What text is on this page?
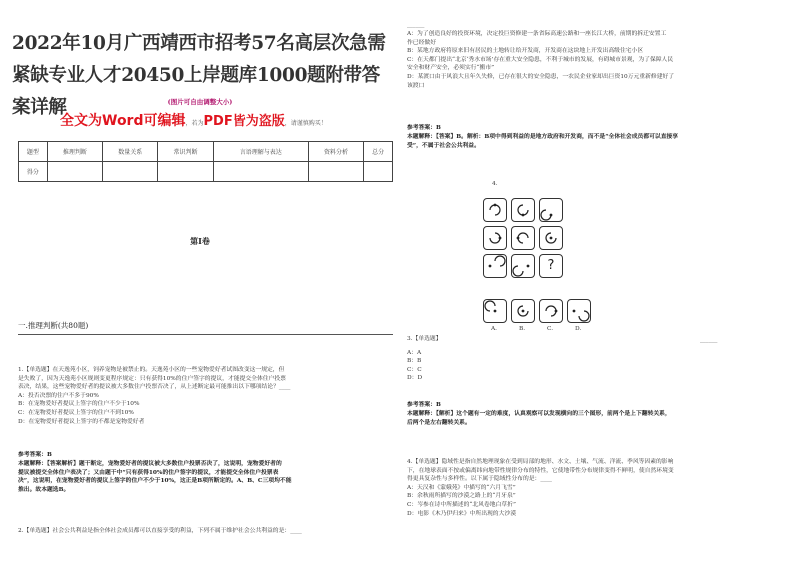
2022年10月广西靖西市招考57名高层次急需紧缺专业人才20450上岸题库1000题附带答案详解	(图片可自由调整大小)
全文为Word可编辑，若为PDF皆为盗版，请谨慎购买！
题型	推理判断	数量关系	常识判断	言语理解与表达	资料分析	总分
得分						
第I卷
一.推理判断(共80题)
1.【单选题】在天逸苑小区，饲养宠物是被禁止的。天逸苑小区的一些宠物爱好者试图改变这一规定，但
是失败了，因为天逸苑小区规则变更程序规定：只有获得10%的住户签字的提议，才能提交全体住户投票
表决，结果，这些宠物爱好者的提议被大多数住户投票否决了，从上述断定最可能推出以下哪项结论？____
A：投否决票的住户不多于90%
B：在宠物爱好者提议上签字的住户不少于10%
C：在宠物爱好者提议上签字的住户不到10%
D：在宠物爱好者提议上签字的不都是宠物爱好者
参考答案：B
本题解释：【答案解析】题干断定，宠物爱好者的提议被大多数住户投票否决了，这说明，宠物爱好者的
提议被提交全体住户表决了；又由题干中“只有获得10%的住户签字的提议，才能提交全体住户投票表
决”，这说明，在宠物爱好者的提议上签字的住户不少于10%，这正是B项所断定的。A、B、C三项均不能
推出。故本题选B。
2.【单选题】社会公共利益是指全体社会成员都可以直接享受的利益，下列不属于维护社会公共利益的是：____
______
A：为了创造良好的投资环境，决定投巨资修建一条省际高速公路和一座长江大桥，前期的拆迁安置工
作已经做好
B：某地方政府将原来旧有居民的土地转让给开发商，开发商在这块地上开发出高级住宅小区
C：在天都门提出“北京‘秀水市场’存在重大安全隐患，不利于城市的发展，有碍城市景观，为了保障人民
安全和财产安全，必须实行“搬市”
D：某渡口由于风浪大且年久失修，已存在很大的安全隐患，一农民企业家却出巨资10万元重新修建好了
该渡口
参考答案：B
本题解释：【答案】B。解析：B项中得到利益的是地方政府和开发商，而不是“全体社会成员都可以直接享
受”，不属于社会公共利益。
4.
?
A.	B.	C.	D.
______
3.【单选题】
A：A
B：B
C：C
D：D
参考答案：B
本题解释：【解析】这个题有一定的难度，认真观察可以发现横向的三个图形，前两个是上下翻转关系，
后两个是左右翻转关系。
4.【单选题】隐域性是指自然地理现象在受到局部的地形、水文、土壤、气流、洋流、季风等因素的影响
下，在地球表面不按或偏离纬向地带性规律分布的特性，它使地带性分布规律变得不鲜明，使自然环境变
得更具复杂性与多样性。以下属于隐域性分布的是：____
A：天汉和《蒙娥苑》中描写的“六月飞雪”
B：余秋雨所描写的沙漠之路上的“月牙泉”
C：岑参在诗中所描述的“北风卷地白草折”
D：电影《木乃伊归来》中所出现的大沙漠
